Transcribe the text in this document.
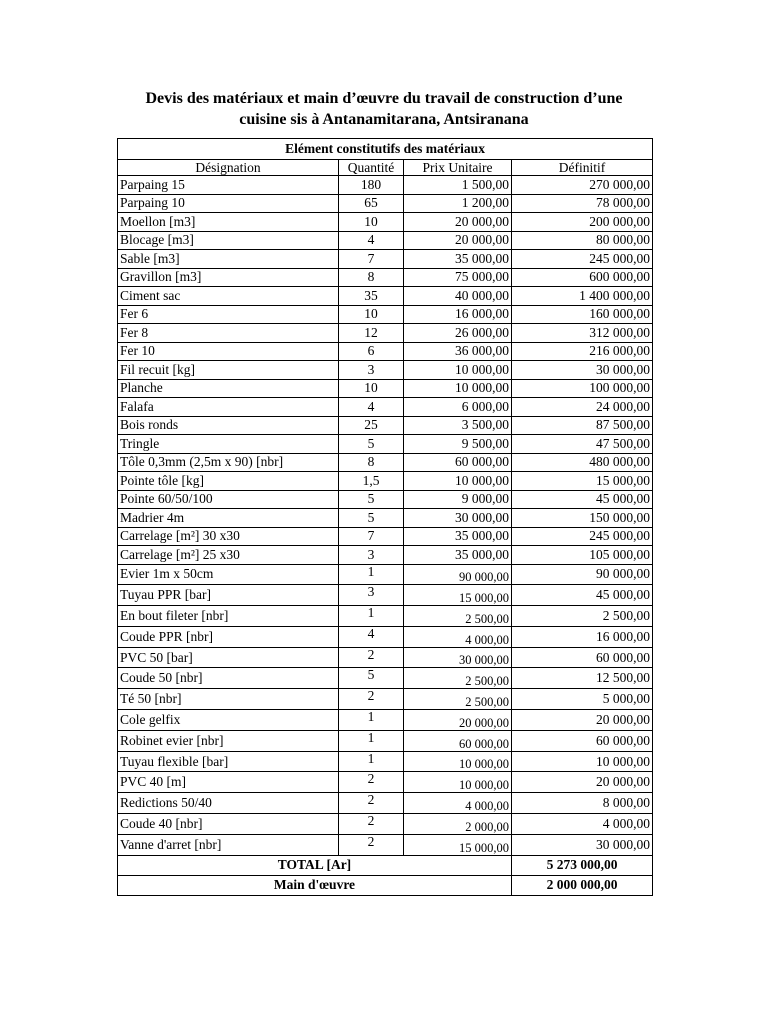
Devis des matériaux et main d’œuvre du travail de construction d’une
cuisine sis à Antanamitarana, Antsiranana
Elément constitutifs des matériaux			
Désignation	Quantité	Prix Unitaire	Définitif
Parpaing 15	180	1 500,00	270 000,00
Parpaing 10	65	1 200,00	78 000,00
Moellon [m3]	10	20 000,00	200 000,00
Blocage [m3]	4	20 000,00	80 000,00
Sable [m3]	7	35 000,00	245 000,00
Gravillon [m3]	8	75 000,00	600 000,00
Ciment sac	35	40 000,00	1 400 000,00
Fer 6	10	16 000,00	160 000,00
Fer 8	12	26 000,00	312 000,00
Fer 10	6	36 000,00	216 000,00
Fil recuit [kg]	3	10 000,00	30 000,00
Planche	10	10 000,00	100 000,00
Falafa	4	6 000,00	24 000,00
Bois ronds	25	3 500,00	87 500,00
Tringle	5	9 500,00	47 500,00
Tôle 0,3mm (2,5m x 90) [nbr]	8	60 000,00	480 000,00
Pointe tôle [kg]	1,5	10 000,00	15 000,00
Pointe 60/50/100	5	9 000,00	45 000,00
Madrier 4m	5	30 000,00	150 000,00
Carrelage [m²] 30 x30	7	35 000,00	245 000,00
Carrelage [m²] 25 x30	3	35 000,00	105 000,00
Evier 1m x 50cm	1	90 000,00	90 000,00
Tuyau PPR [bar]	3	15 000,00	45 000,00
En bout fileter [nbr]	1	2 500,00	2 500,00
Coude PPR [nbr]	4	4 000,00	16 000,00
PVC 50 [bar]	2	30 000,00	60 000,00
Coude 50 [nbr]	5	2 500,00	12 500,00
Té 50 [nbr]	2	2 500,00	5 000,00
Cole gelfix	1	20 000,00	20 000,00
Robinet evier [nbr]	1	60 000,00	60 000,00
Tuyau flexible [bar]	1	10 000,00	10 000,00
PVC 40 [m]	2	10 000,00	20 000,00
Redictions 50/40	2	4 000,00	8 000,00
Coude 40 [nbr]	2	2 000,00	4 000,00
Vanne d'arret [nbr]	2	15 000,00	30 000,00
TOTAL [Ar]			5 273 000,00
Main d'œuvre			2 000 000,00
